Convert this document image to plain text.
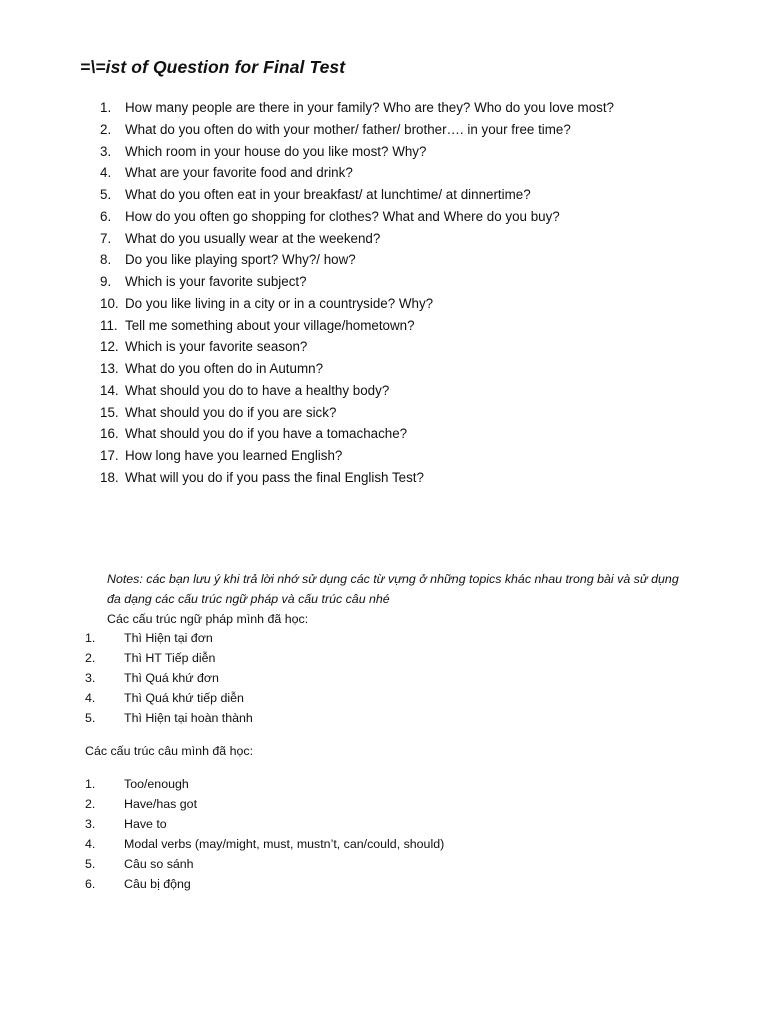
=\=ist of Question for Final Test
1. How many people are there in your family? Who are they? Who do you love most?
2. What do you often do with your mother/ father/ brother…. in your free time?
3. Which room in your house do you like most? Why?
4. What are your favorite food and drink?
5. What do you often eat in your breakfast/ at lunchtime/ at dinnertime?
6. How do you often go shopping for clothes? What and Where do you buy?
7. What do you usually wear at the weekend?
8. Do you like playing sport? Why?/ how?
9. Which is your favorite subject?
10. Do you like living in a city or in a countryside? Why?
11. Tell me something about your village/hometown?
12. Which is your favorite season?
13. What do you often do in Autumn?
14. What should you do to have a healthy body?
15. What should you do if you are sick?
16. What should you do if you have a tomachache?
17. How long have you learned English?
18. What will you do if you pass the final English Test?

Notes: các bạn lưu ý khi trả lời nhớ sử dụng các từ vựng ở những topics khác nhau trong bài và sử dụng đa dạng các cấu trúc ngữ pháp và cấu trúc câu nhé

Các cấu trúc ngữ pháp mình đã học:
1. Thì Hiện tại đơn
2. Thì HT Tiếp diễn
3. Thì Quá khứ đơn
4. Thì Quá khứ tiếp diễn
5. Thì Hiện tại hoàn thành
Các cấu trúc câu mình đã học:
1. Too/enough
2. Have/has got
3. Have to
4. Modal verbs (may/might, must, mustn’t, can/could, should)
5. Câu so sánh
6. Câu bị động
